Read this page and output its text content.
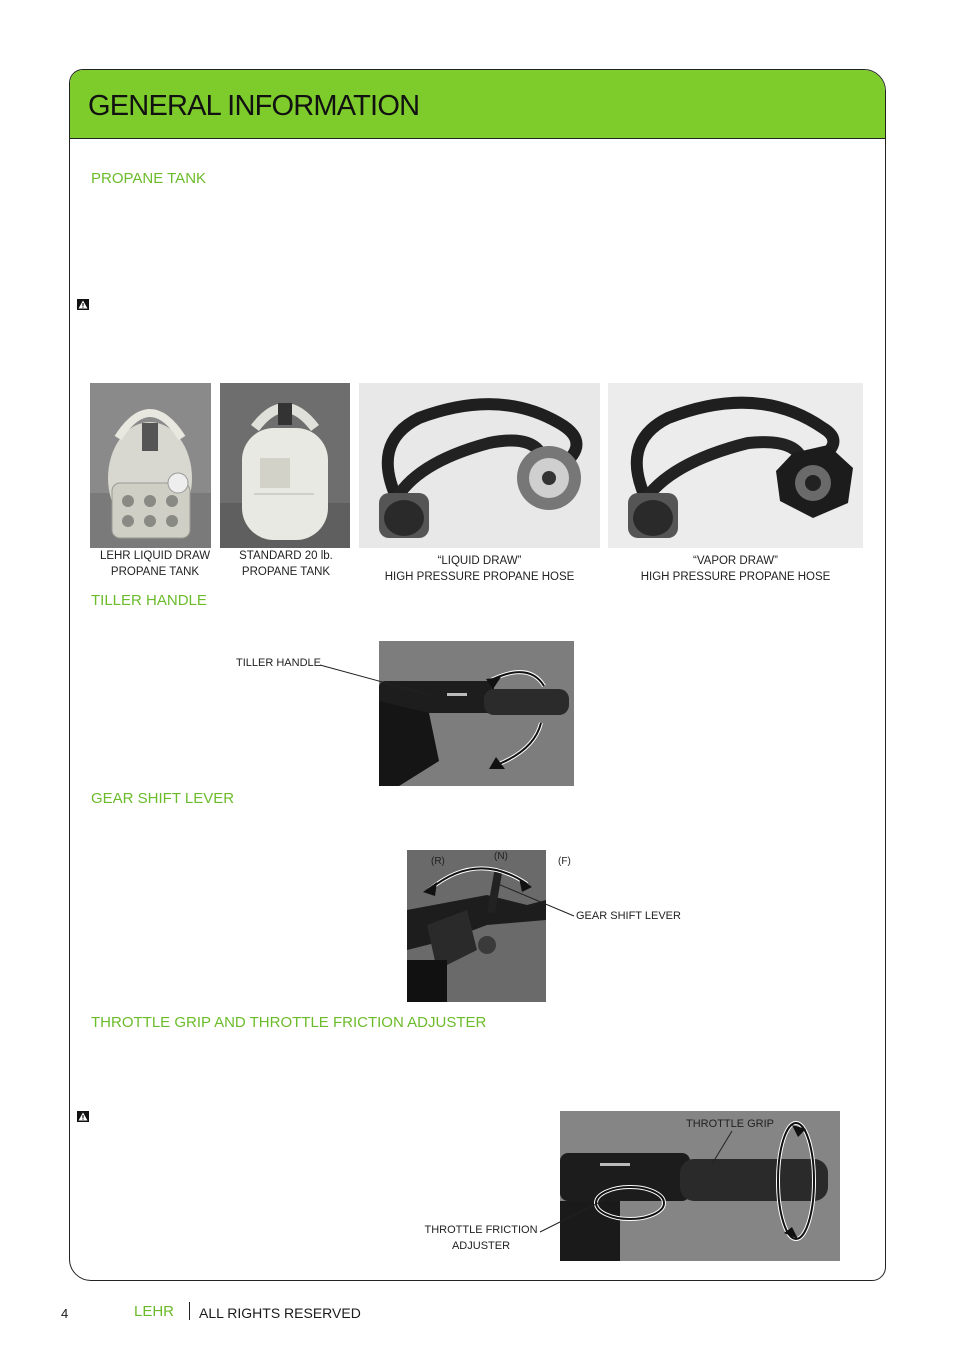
GENERAL INFORMATION
PROPANE TANK
LEHR LIQUID DRAW
PROPANE TANK
STANDARD 20 lb.
PROPANE TANK
“LIQUID DRAW”
HIGH PRESSURE PROPANE HOSE
“VAPOR DRAW”
HIGH PRESSURE PROPANE HOSE
TILLER HANDLE
TILLER HANDLE
GEAR SHIFT LEVER
(R)	(N)	(F)
GEAR SHIFT LEVER
THROTTLE GRIP AND THROTTLE FRICTION ADJUSTER
THROTTLE GRIP
THROTTLE FRICTION
ADJUSTER
4	LEHR ALL RIGHTS RESERVED
